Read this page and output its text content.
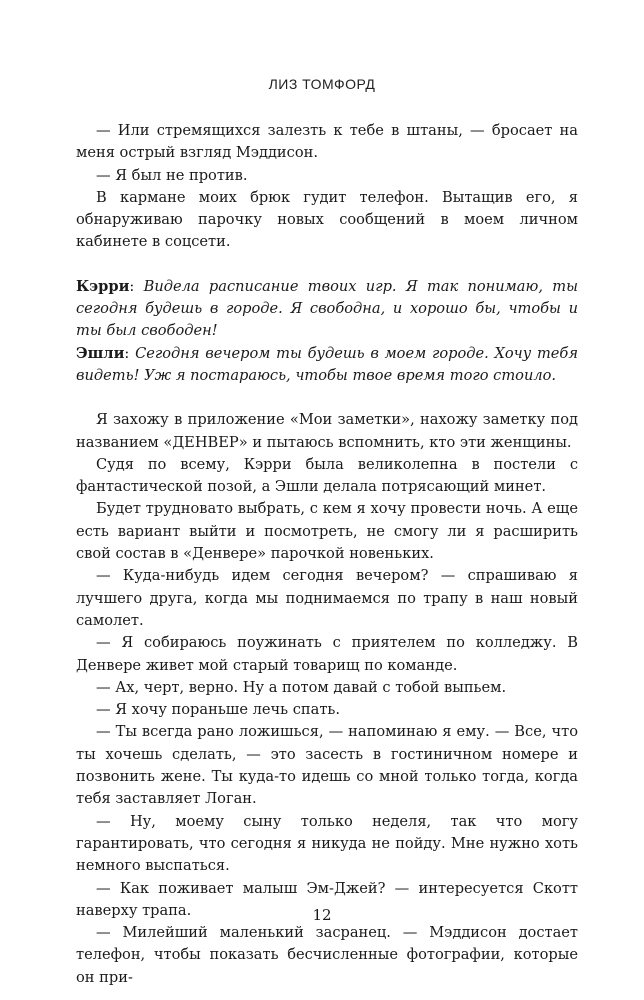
ЛИЗ ТОМФОРД

— Или стремящихся залезть к тебе в штаны, — бросает на меня острый взгляд Мэддисон.

— Я был не против.

В кармане моих брюк гудит телефон. Вытащив его, я обнаруживаю парочку новых сообщений в моем личном кабинете в соцсети.

Кэрри: Видела расписание твоих игр. Я так понимаю, ты сегодня будешь в городе. Я свободна, и хорошо бы, чтобы и ты был свободен!

Эшли: Сегодня вечером ты будешь в моем городе. Хочу тебя видеть! Уж я постараюсь, чтобы твое время того стоило.

Я захожу в приложение «Мои заметки», нахожу заметку под названием «ДЕНВЕР» и пытаюсь вспомнить, кто эти женщины.

Судя по всему, Кэрри была великолепна в постели с фантастической позой, а Эшли делала потрясающий минет.

Будет трудновато выбрать, с кем я хочу провести ночь. А еще есть вариант выйти и посмотреть, не смогу ли я расширить свой состав в «Денвере» парочкой новеньких.

— Куда-нибудь идем сегодня вечером? — спрашиваю я лучшего друга, когда мы поднимаемся по трапу в наш новый самолет.

— Я собираюсь поужинать с приятелем по колледжу. В Денвере живет мой старый товарищ по команде.

— Ах, черт, верно. Ну а потом давай с тобой выпьем.

— Я хочу пораньше лечь спать.

— Ты всегда рано ложишься, — напоминаю я ему. — Все, что ты хочешь сделать, — это засесть в гостиничном номере и позвонить жене. Ты куда-то идешь со мной только тогда, когда тебя заставляет Логан.

— Ну, моему сыну только неделя, так что могу гарантировать, что сегодня я никуда не пойду. Мне нужно хоть немного выспаться.

— Как поживает малыш Эм-Джей? — интересуется Скотт наверху трапа.

— Милейший маленький засранец. — Мэддисон достает телефон, чтобы показать бесчисленные фотографии, которые он при-

12
